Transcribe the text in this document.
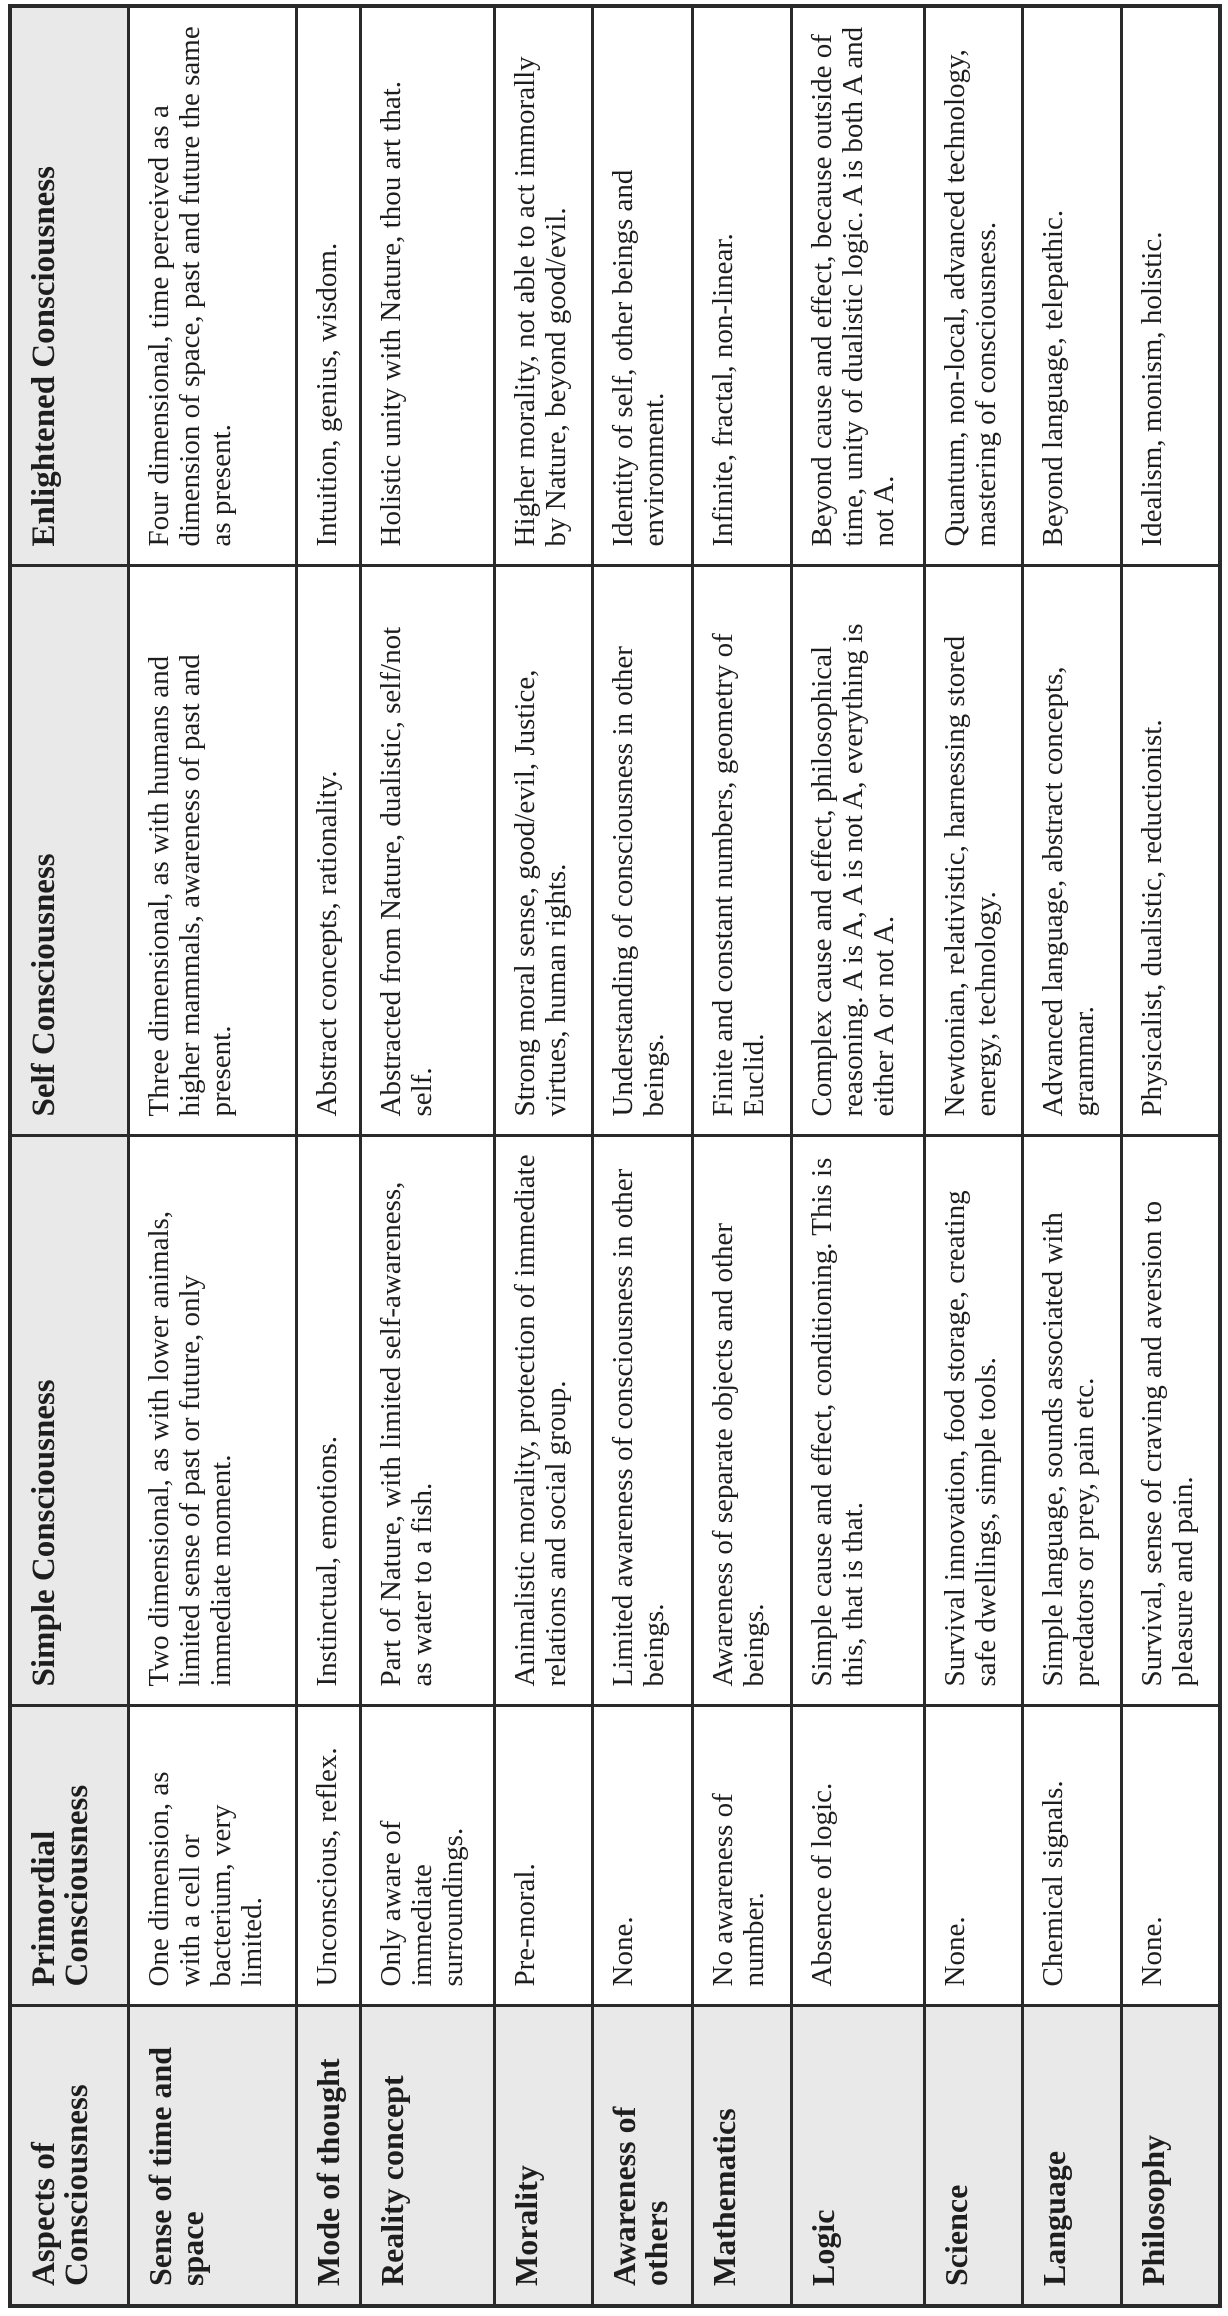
Aspects of Consciousness	Primordial Consciousness	Simple Consciousness	Self Consciousness	Enlightened Consciousness
Sense of time and space	One dimension, as with a cell or bacterium, very limited.	Two dimensional, as with lower animals, limited sense of past or future, only immediate moment.	Three dimensional, as with humans and higher mammals, awareness of past and present.	Four dimensional, time perceived as a dimension of space, past and future the same as present.
Mode of thought	Unconscious, reflex.	Instinctual, emotions.	Abstract concepts, rationality.	Intuition, genius, wisdom.
Reality concept	Only aware of immediate surroundings.	Part of Nature, with limited self-awareness, as water to a fish.	Abstracted from Nature, dualistic, self/not self.	Holistic unity with Nature, thou art that.
Morality	Pre-moral.	Animalistic morality, protection of immediate relations and social group.	Strong moral sense, good/evil, Justice, virtues, human rights.	Higher morality, not able to act immorally by Nature, beyond good/evil.
Awareness of others	None.	Limited awareness of consciousness in other beings.	Understanding of consciousness in other beings.	Identity of self, other beings and environment.
Mathematics	No awareness of number.	Awareness of separate objects and other beings.	Finite and constant numbers, geometry of Euclid.	Infinite, fractal, non-linear.
Logic	Absence of logic.	Simple cause and effect, conditioning. This is this, that is that.	Complex cause and effect, philosophical reasoning. A is A, A is not A, everything is either A or not A.	Beyond cause and effect, because outside of time, unity of dualistic logic. A is both A and not A.
Science	None.	Survival innovation, food storage, creating safe dwellings, simple tools.	Newtonian, relativistic, harnessing stored energy, technology.	Quantum, non-local, advanced technology, mastering of consciousness.
Language	Chemical signals.	Simple language, sounds associated with predators or prey, pain etc.	Advanced language, abstract concepts, grammar.	Beyond language, telepathic.
Philosophy	None.	Survival, sense of craving and aversion to pleasure and pain.	Physicalist, dualistic, reductionist.	Idealism, monism, holistic.
